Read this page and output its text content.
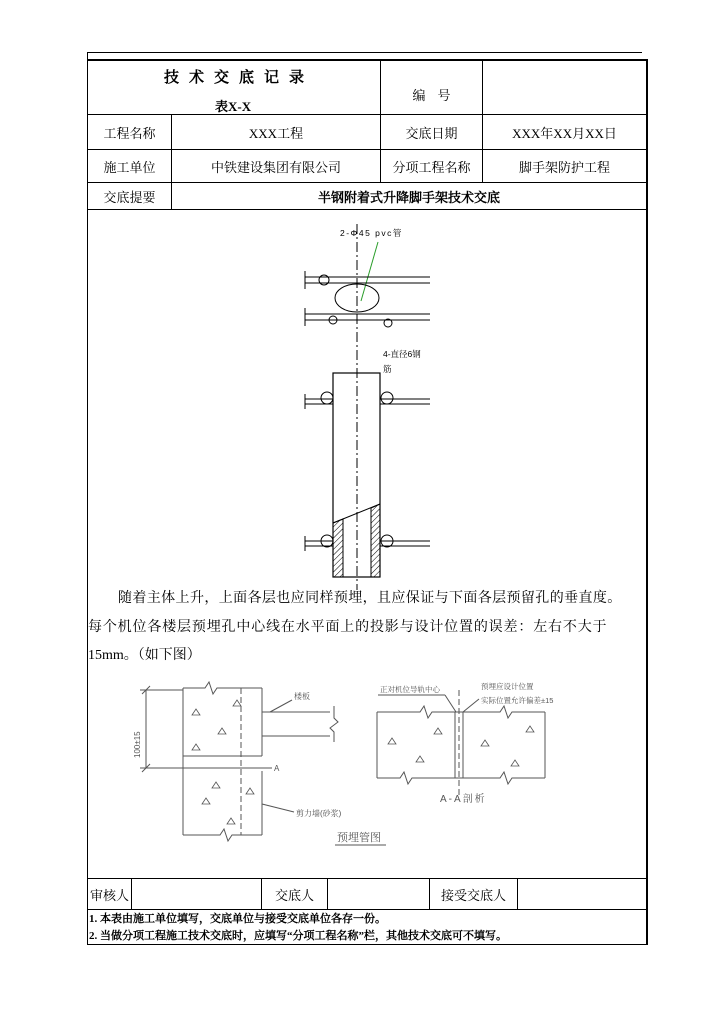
技术交底记录
表X-X
编号
工程名称	XXX工程	交底日期	XXX年XX月XX日
施工单位	中铁建设集团有限公司	分项工程名称	脚手架防护工程
交底提要	半钢附着式升降脚手架技术交底
审核人	交底人	接受交底人
1. 本表由施工单位填写，交底单位与接受交底单位各存一份。
2. 当做分项工程施工技术交底时，应填写“分项工程名称”栏，其他技术交底可不填写。
随着主体上升，上面各层也应同样预埋，且应保证与下面各层预留孔的垂直度。
每个机位各楼层预埋孔中心线在水平面上的投影与设计位置的误差：左右不大于
15mm。（如下图）
2-Φ45 pvc管
4-直径6钢
筋
A
100±15
楼板
剪力墙(砂浆)
正对机位导轨中心	预埋应设计位置
实际位置允许偏差±15
A-A剖析
预埋管图
